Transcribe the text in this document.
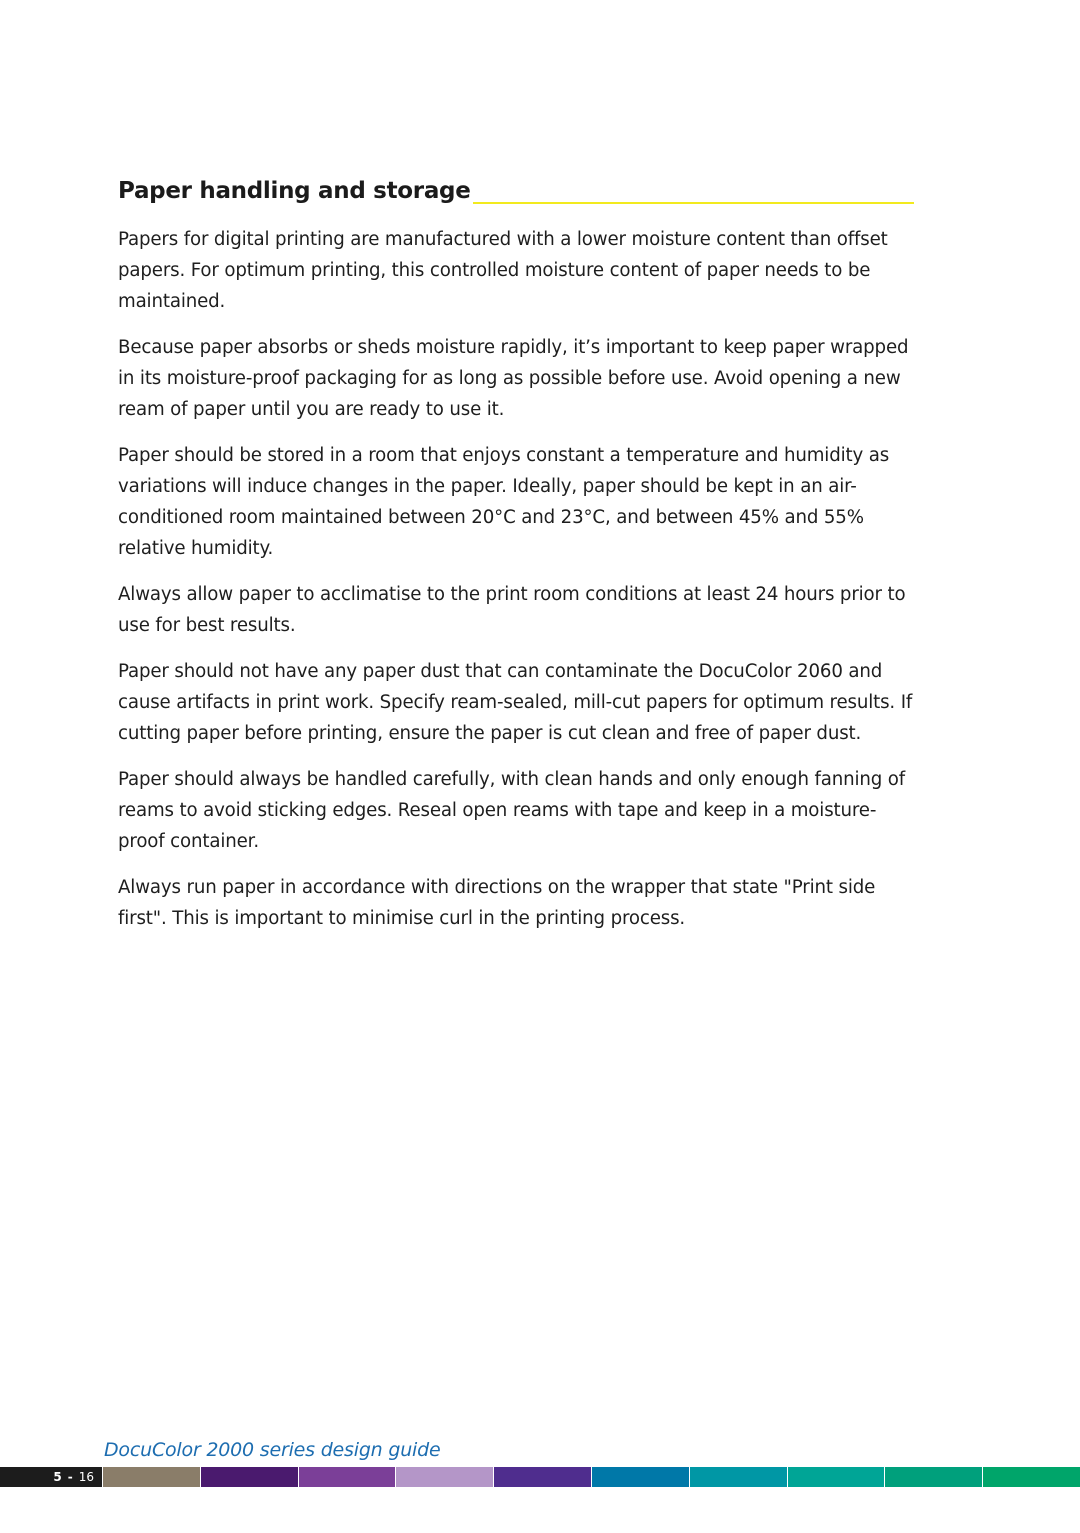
Paper handling and storage

Papers for digital printing are manufactured with a lower moisture content than offset papers. For optimum printing, this controlled moisture content of paper needs to be maintained.

Because paper absorbs or sheds moisture rapidly, it’s important to keep paper wrapped in its moisture-proof packaging for as long as possible before use. Avoid opening a new ream of paper until you are ready to use it.

Paper should be stored in a room that enjoys constant a temperature and humidity as variations will induce changes in the paper. Ideally, paper should be kept in an air-conditioned room maintained between 20°C and 23°C, and between 45% and 55% relative humidity.

Always allow paper to acclimatise to the print room conditions at least 24 hours prior to use for best results.

Paper should not have any paper dust that can contaminate the DocuColor 2060 and cause artifacts in print work. Specify ream-sealed, mill-cut papers for optimum results. If cutting paper before printing, ensure the paper is cut clean and free of paper dust.

Paper should always be handled carefully, with clean hands and only enough fanning of reams to avoid sticking edges. Reseal open reams with tape and keep in a moisture-proof container.

Always run paper in accordance with directions on the wrapper that state "Print side first". This is important to minimise curl in the printing process.

DocuColor 2000 series design guide
5 - 16
